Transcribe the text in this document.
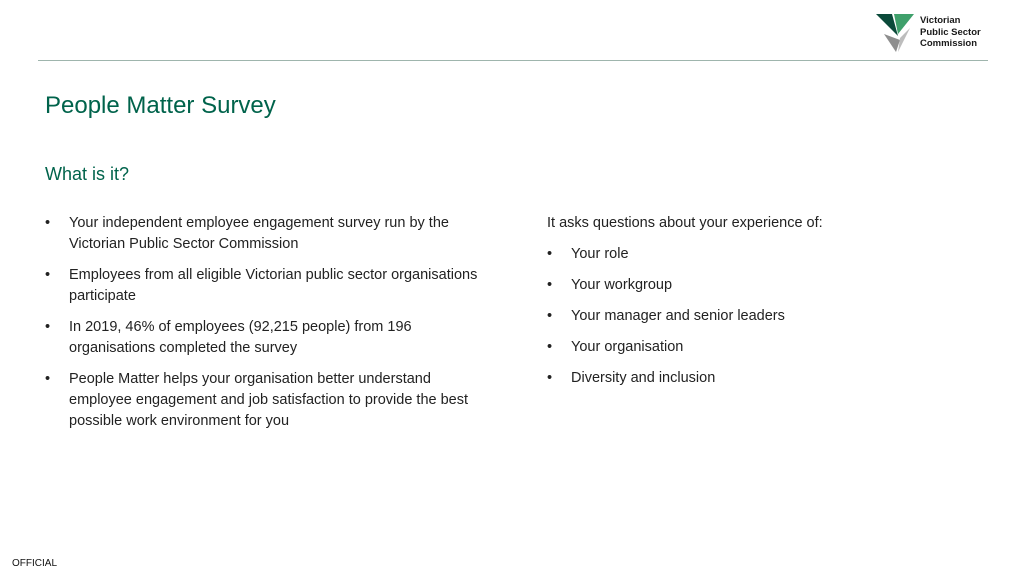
Victorian
Public Sector
Commission
People Matter Survey
What is it?
• Your independent employee engagement survey run by the Victorian Public Sector Commission
• Employees from all eligible Victorian public sector organisations participate
• In 2019, 46% of employees (92,215 people) from 196 organisations completed the survey
• People Matter helps your organisation better understand employee engagement and job satisfaction to provide the best possible work environment for you

It asks questions about your experience of:

• Your role
• Your workgroup
• Your manager and senior leaders
• Your organisation
• Diversity and inclusion
OFFICIAL
